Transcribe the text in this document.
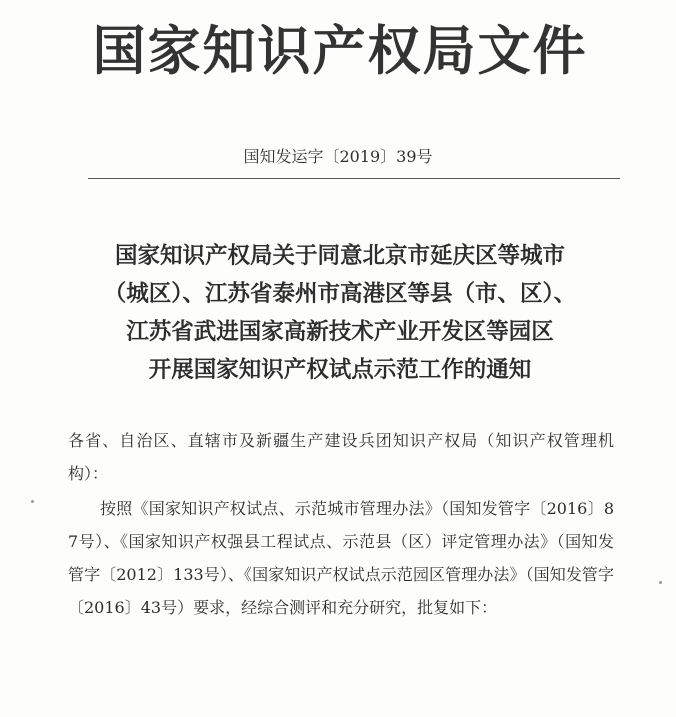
国家知识产权局文件
国知发运字〔2019〕39号
国家知识产权局关于同意北京市延庆区等城市
（城区）、江苏省泰州市高港区等县（市、区）、
江苏省武进国家高新技术产业开发区等园区
开展国家知识产权试点示范工作的通知

各省、自治区、直辖市及新疆生产建设兵团知识产权局（知识产权管理机构）：

按照《国家知识产权试点、示范城市管理办法》（国知发管字〔2016〕87号）、《国家知识产权强县工程试点、示范县（区）评定管理办法》（国知发管字〔2012〕133号）、《国家知识产权试点示范园区管理办法》（国知发管字〔2016〕43号）要求，经综合测评和充分研究，批复如下：
